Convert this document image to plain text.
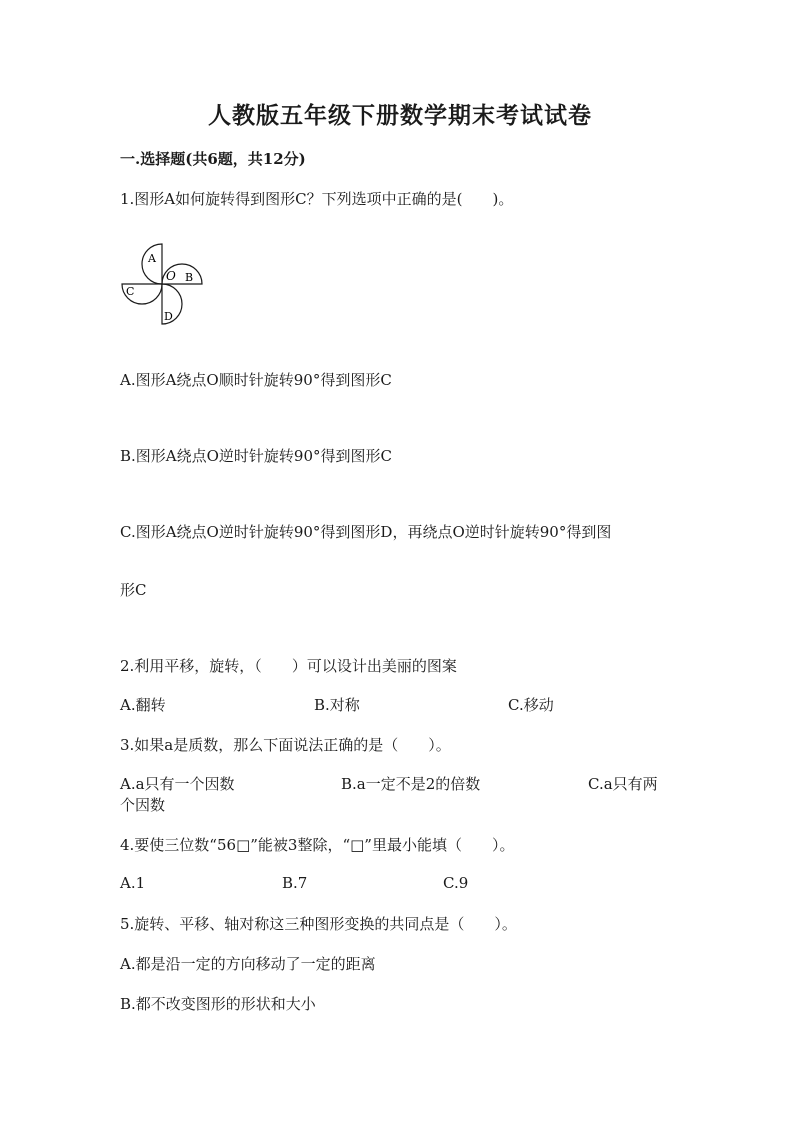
人教版五年级下册数学期末考试试卷
一.选择题(共6题，共12分)
1.图形A如何旋转得到图形C？下列选项中正确的是(　　)。
A
B
C
D
O
A.图形A绕点O顺时针旋转90°得到图形C
B.图形A绕点O逆时针旋转90°得到图形C
C.图形A绕点O逆时针旋转90°得到图形D，再绕点O逆时针旋转90°得到图
形C
2.利用平移，旋转，（　　）可以设计出美丽的图案
A.翻转	B.对称	C.移动
3.如果a是质数，那么下面说法正确的是（　　）。
A.a只有一个因数	B.a一定不是2的倍数	C.a只有两
个因数
4.要使三位数“56□”能被3整除，“□”里最小能填（　　）。
A.1	B.7	C.9
5.旋转、平移、轴对称这三种图形变换的共同点是（　　）。
A.都是沿一定的方向移动了一定的距离
B.都不改变图形的形状和大小
